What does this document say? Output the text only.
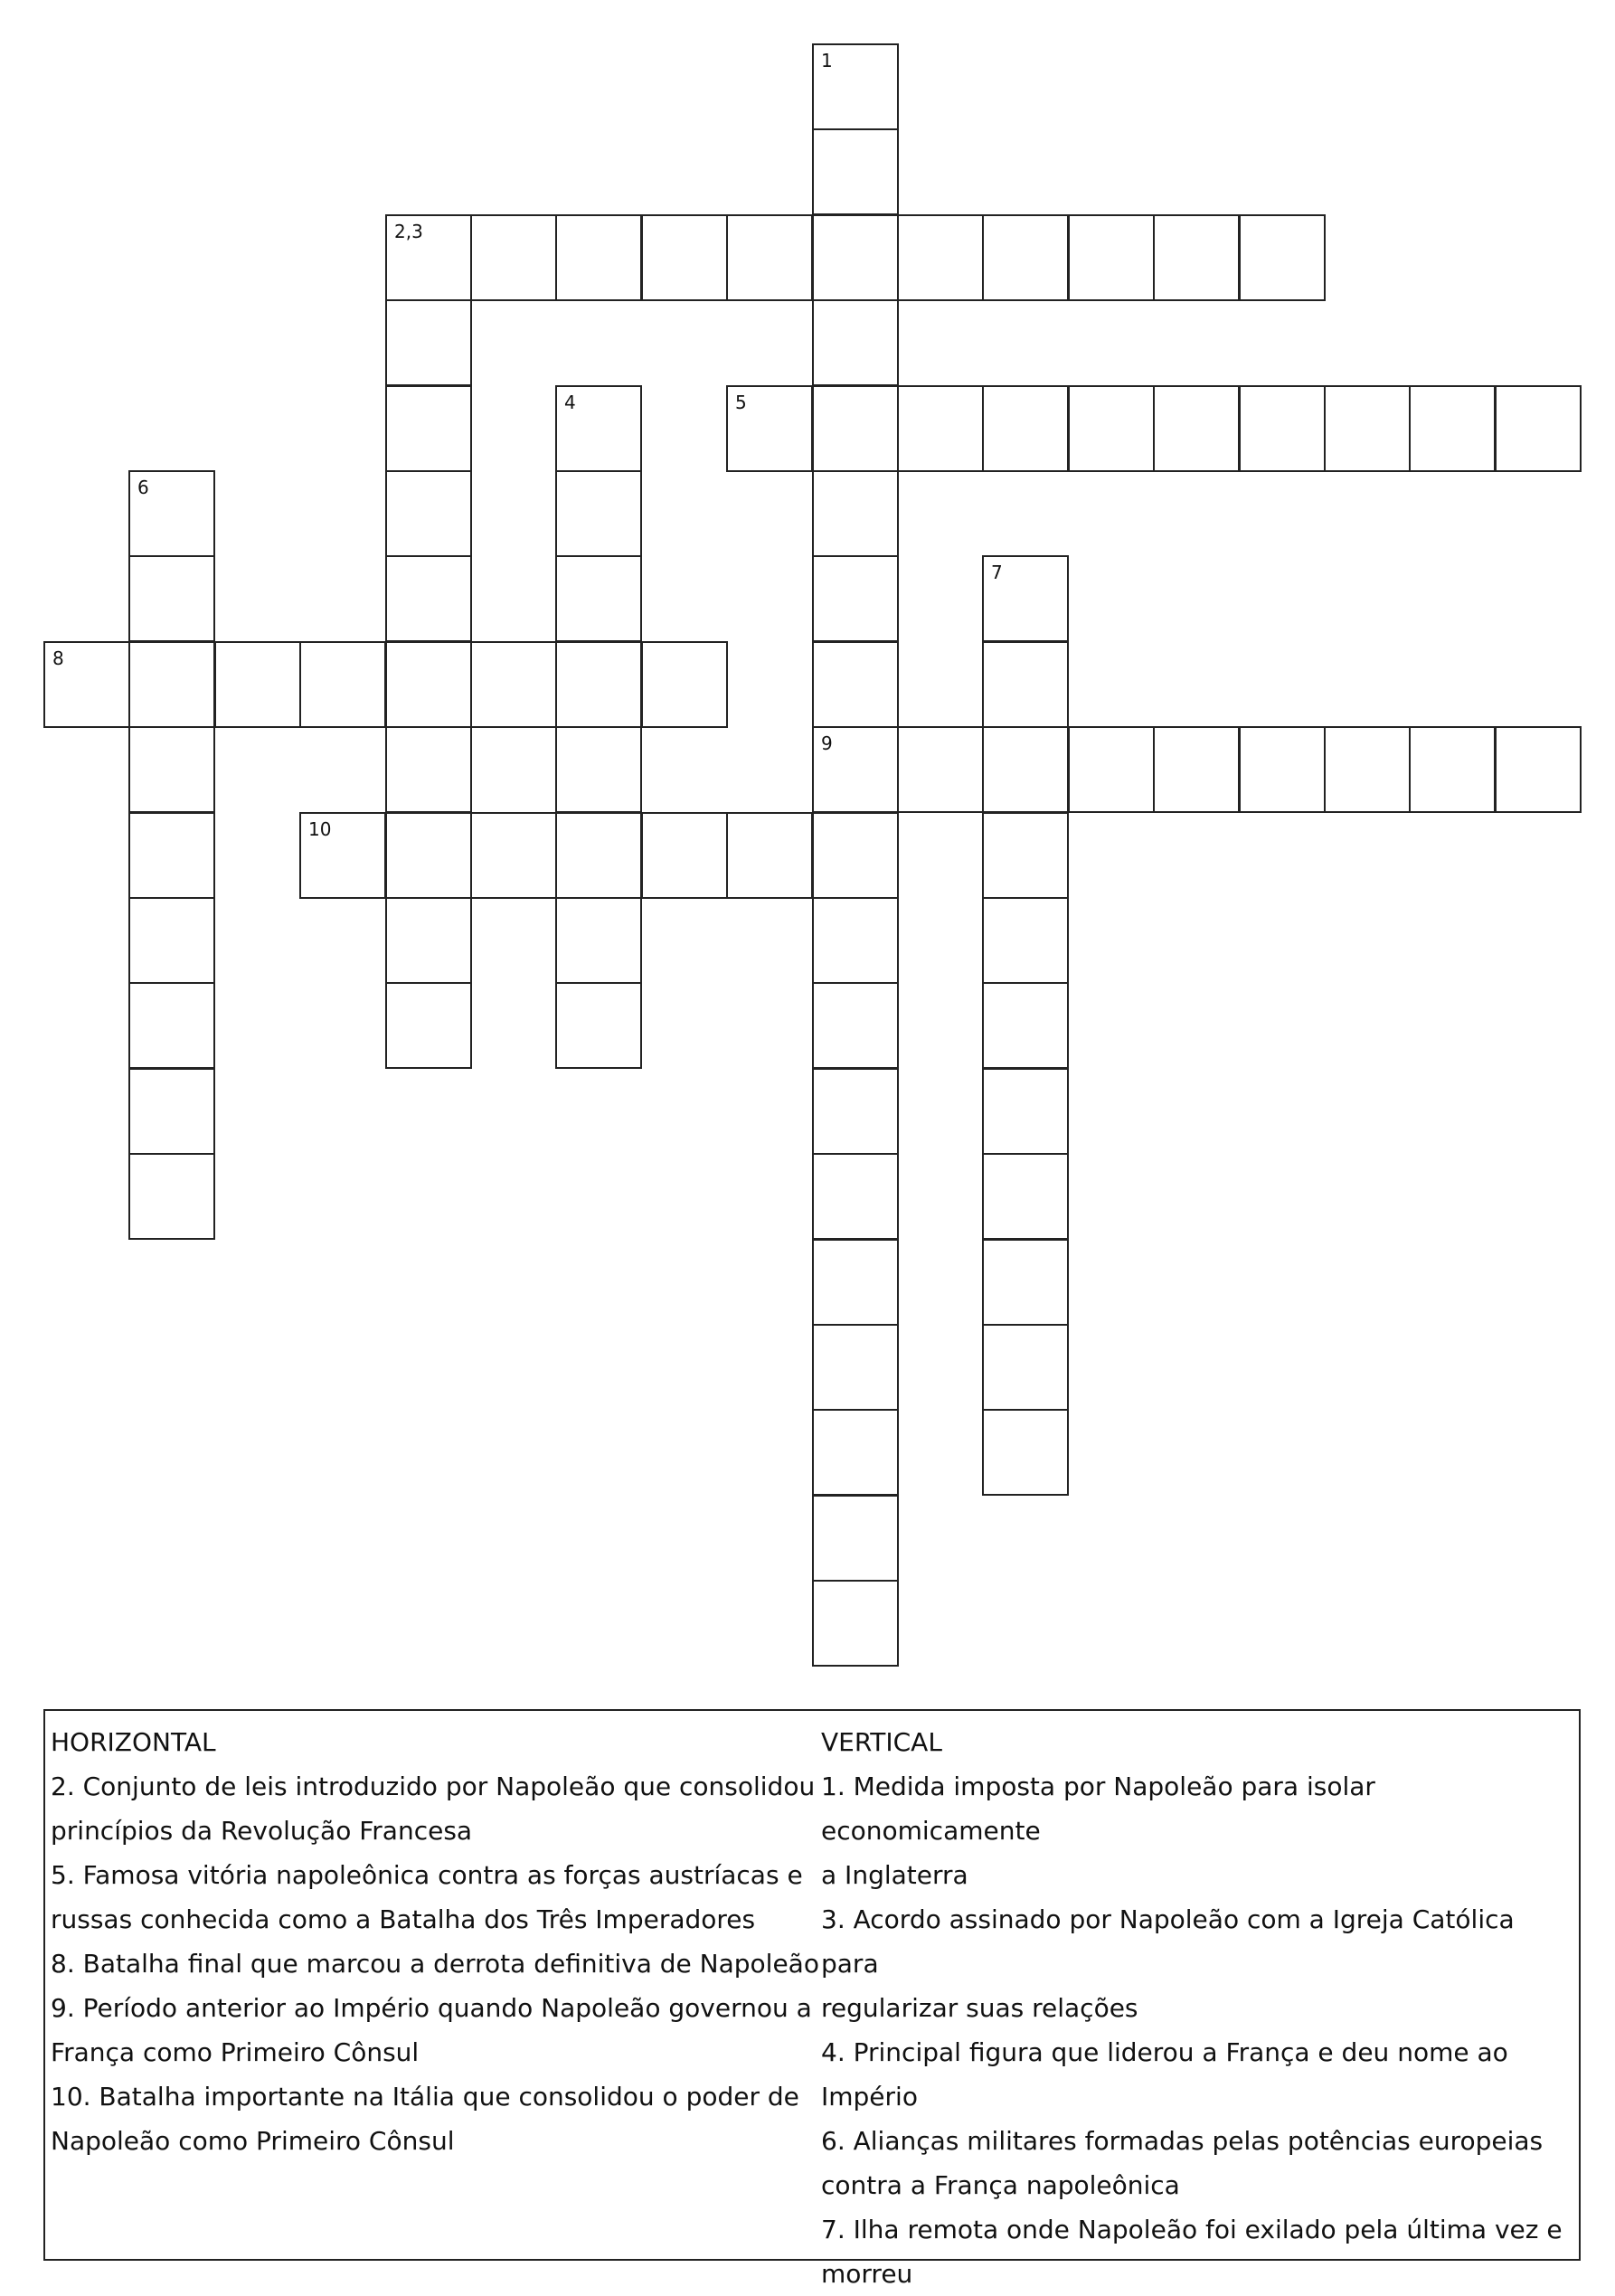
1
2,3
4	5
6
7
8
9
10
HORIZONTAL
2. Conjunto de leis introduzido por Napoleão que consolidou
princípios da Revolução Francesa
5. Famosa vitória napoleônica contra as forças austríacas e
russas conhecida como a Batalha dos Três Imperadores
8. Batalha final que marcou a derrota definitiva de Napoleão
9. Período anterior ao Império quando Napoleão governou a
França como Primeiro Cônsul
10. Batalha importante na Itália que consolidou o poder de
Napoleão como Primeiro Cônsul
VERTICAL
1. Medida imposta por Napoleão para isolar economicamente
a Inglaterra
3. Acordo assinado por Napoleão com a Igreja Católica para
regularizar suas relações
4. Principal figura que liderou a França e deu nome ao
Império
6. Alianças militares formadas pelas potências europeias
contra a França napoleônica
7. Ilha remota onde Napoleão foi exilado pela última vez e
morreu
